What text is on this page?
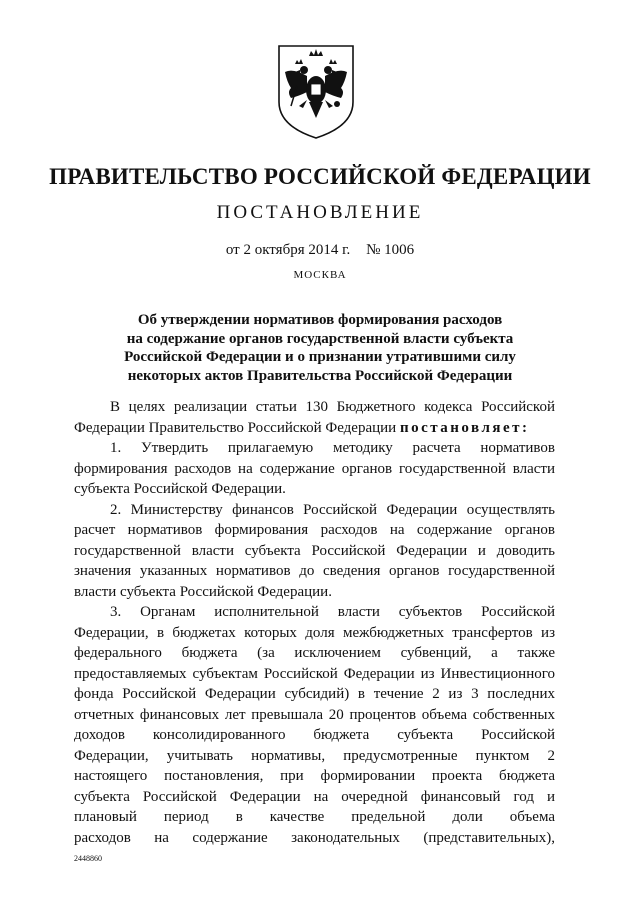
ПРАВИТЕЛЬСТВО РОССИЙСКОЙ ФЕДЕРАЦИИ
ПОСТАНОВЛЕНИЕ
от 2 октября 2014 г. № 1006
МОСКВА
Об утверждении нормативов формирования расходов
на содержание органов государственной власти субъекта
Российской Федерации и о признании утратившими силу
некоторых актов Правительства Российской Федерации
В целях реализации статьи 130 Бюджетного кодекса Российской
Федерации Правительство Российской Федерации постановляет:
1. Утвердить прилагаемую методику расчета нормативов
формирования расходов на содержание органов государственной власти
субъекта Российской Федерации.
2. Министерству финансов Российской Федерации осуществлять
расчет нормативов формирования расходов на содержание органов
государственной власти субъекта Российской Федерации и доводить
значения указанных нормативов до сведения органов государственной
власти субъекта Российской Федерации.
3. Органам исполнительной власти субъектов Российской
Федерации, в бюджетах которых доля межбюджетных трансфертов из
федерального бюджета (за исключением субвенций, а также
предоставляемых субъектам Российской Федерации из Инвестиционного
фонда Российской Федерации субсидий) в течение 2 из 3 последних
отчетных финансовых лет превышала 20 процентов объема собственных
доходов консолидированного бюджета субъекта Российской
Федерации, учитывать нормативы, предусмотренные пунктом 2
настоящего постановления, при формировании проекта бюджета
субъекта Российской Федерации на очередной финансовый год и
плановый период в качестве предельной доли объема
расходов на содержание законодательных (представительных),
2448860
